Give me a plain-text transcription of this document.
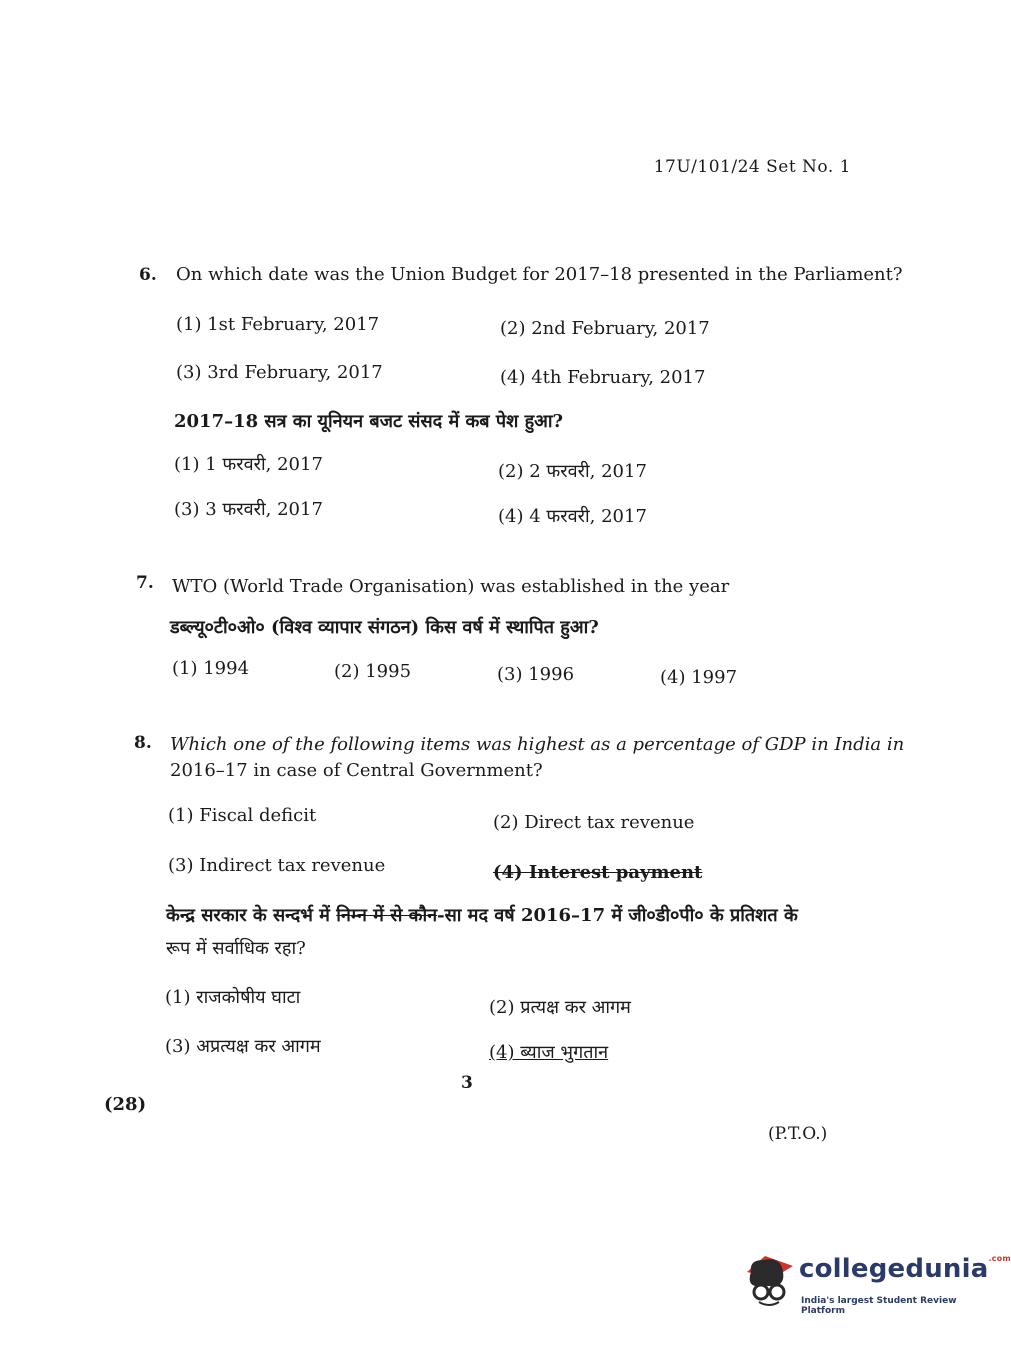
17U/101/24 Set No. 1
6. On which date was the Union Budget for 2017–18 presented in the Parliament?
(1) 1st February, 2017	(2) 2nd February, 2017
(3) 3rd February, 2017	(4) 4th February, 2017
2017–18 सत्र का यूनियन बजट संसद में कब पेश हुआ?
(1) 1 फरवरी, 2017	(2) 2 फरवरी, 2017
(3) 3 फरवरी, 2017	(4) 4 फरवरी, 2017
7. WTO (World Trade Organisation) was established in the year
डब्ल्यू०टी०ओ० (विश्व व्यापार संगठन) किस वर्ष में स्थापित हुआ?
(1) 1994	(2) 1995	(3) 1996	(4) 1997
8. Which one of the following items was highest as a percentage of GDP in India in
2016–17 in case of Central Government?
(1) Fiscal deficit	(2) Direct tax revenue
(3) Indirect tax revenue	(4) Interest payment
केन्द्र सरकार के सन्दर्भ में निम्न में से कौन-सा मद वर्ष 2016–17 में जी०डी०पी० के प्रतिशत के
रूप में सर्वाधिक रहा?
(1) राजकोषीय घाटा	(2) प्रत्यक्ष कर आगम
(3) अप्रत्यक्ष कर आगम	(4) ब्याज भुगतान
3
(28)
(P.T.O.)
collegedunia$^{.com}$
India's largest Student Review Platform
